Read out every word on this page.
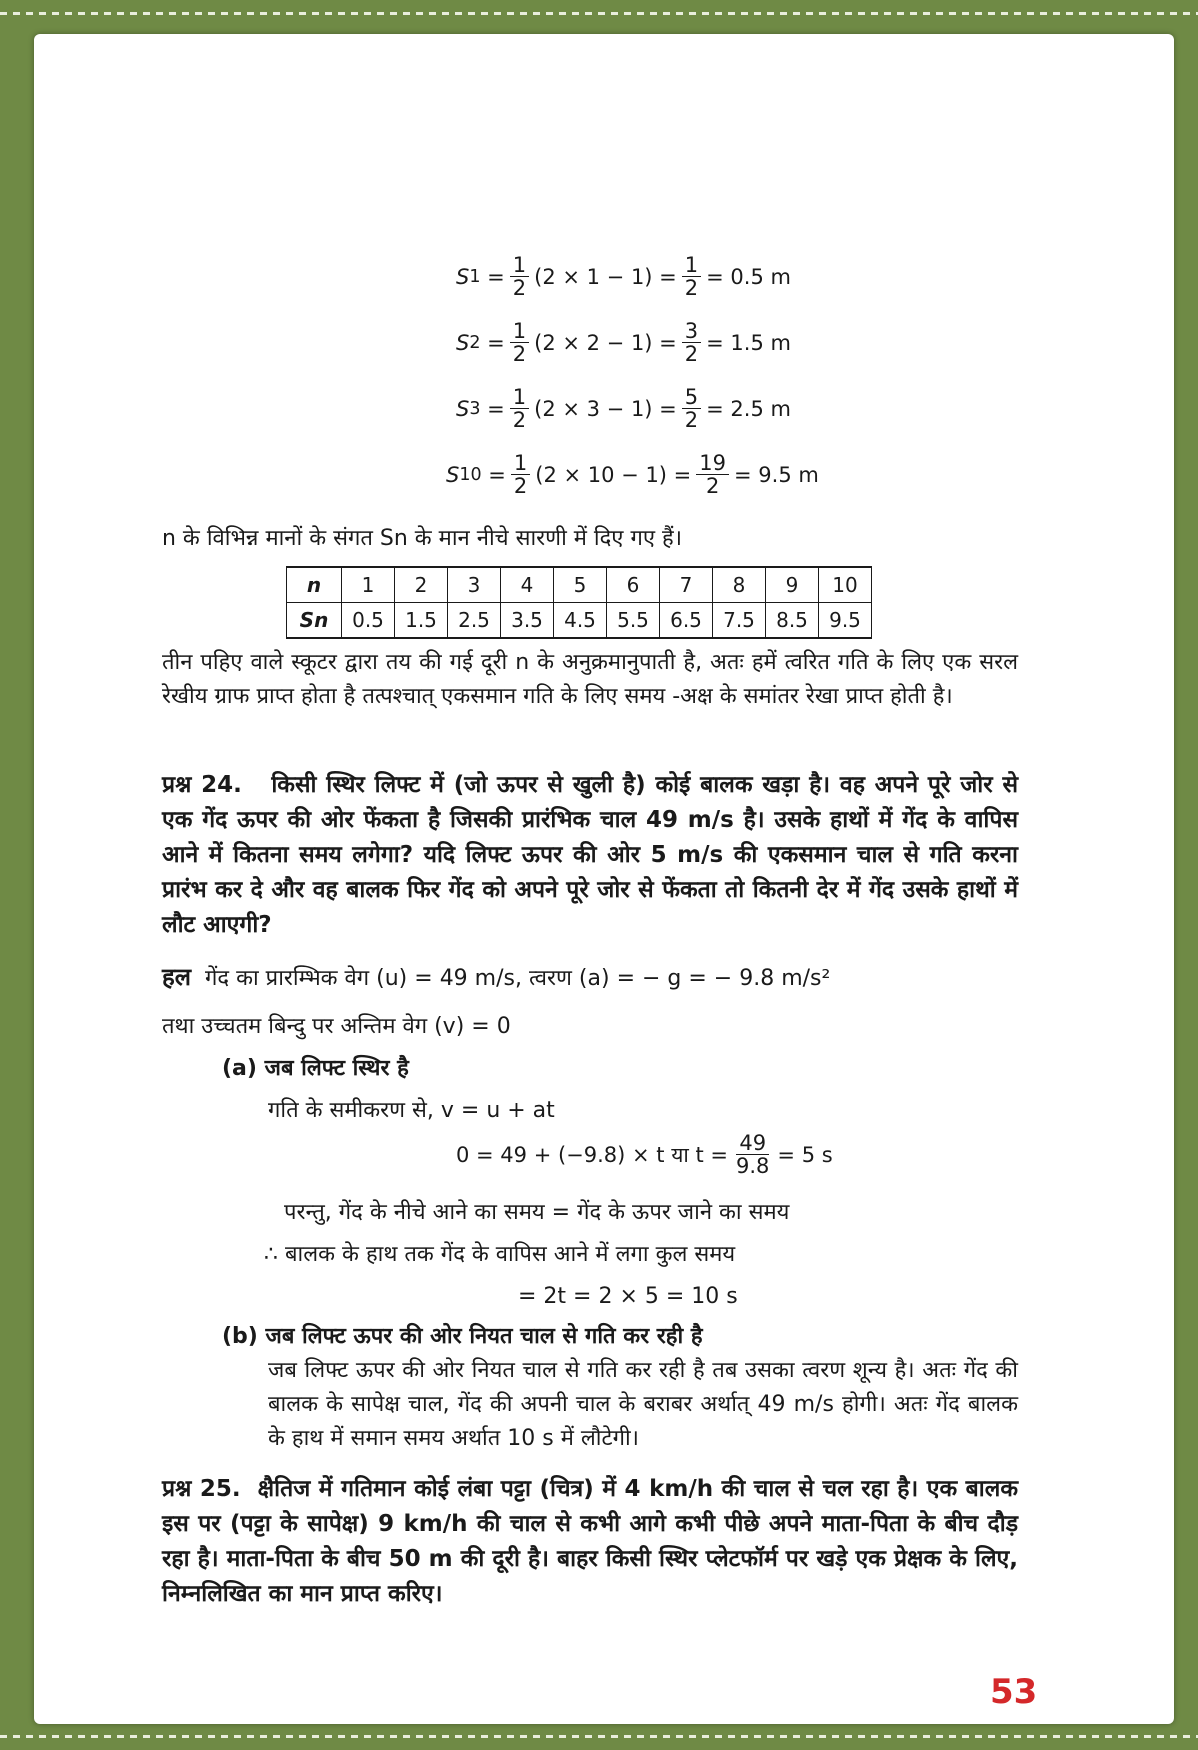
S $1 = \frac{1}{2} (2 \times 1 - 1) = \frac{1}{2} = 0.5$ m
S $2 = \frac{1}{2} (2 \times 2 - 1) = \frac{3}{2} = 1.5$ m
S $3 = \frac{1}{2} (2 \times 3 - 1) = \frac{5}{2} = 2.5$ m
S $10 = \frac{1}{2} (2 \times 10 - 1) = \frac{19}{2} = 9.5$ m
n के विभिन्न मानों के संगत Sn के मान नीचे सारणी में दिए गए हैं।
n	1	2	3	4	5	6	7	8	9	10
Sn	0.5	1.5	2.5	3.5	4.5	5.5	6.5	7.5	8.5	9.5
तीन पहिए वाले स्कूटर द्वारा तय की गई दूरी n के अनुक्रमानुपाती है, अतः हमें त्वरित गति के लिए एक सरल रेखीय ग्राफ प्राप्त होता है तत्पश्चात् एकसमान गति के लिए समय -अक्ष के समांतर रेखा प्राप्त होती है।
प्रश्न 24. किसी स्थिर लिफ्ट में (जो ऊपर से खुली है) कोई बालक खड़ा है। वह अपने पूरे जोर से एक गेंद ऊपर की ओर फेंकता है जिसकी प्रारंभिक चाल 49 m/s है। उसके हाथों में गेंद के वापिस आने में कितना समय लगेगा? यदि लिफ्ट ऊपर की ओर 5 m/s की एकसमान चाल से गति करना प्रारंभ कर दे और वह बालक फिर गेंद को अपने पूरे जोर से फेंकता तो कितनी देर में गेंद उसके हाथों में लौट आएगी?
हल गेंद का प्रारम्भिक वेग (u) = 49 m/s, त्वरण (a) = − g = − 9.8 m/s²
तथा उच्चतम बिन्दु पर अन्तिम वेग (v) = 0
(a) जब लिफ्ट स्थिर है
गति के समीकरण से, v = u + at
0 = 49 + (−9.8) × t या $t = \frac{49}{9.8} = 5$ s
परन्तु, गेंद के नीचे आने का समय = गेंद के ऊपर जाने का समय
∴ बालक के हाथ तक गेंद के वापिस आने में लगा कुल समय
= 2t = 2 × 5 = 10 s
(b) जब लिफ्ट ऊपर की ओर नियत चाल से गति कर रही है
जब लिफ्ट ऊपर की ओर नियत चाल से गति कर रही है तब उसका त्वरण शून्य है। अतः गेंद की बालक के सापेक्ष चाल, गेंद की अपनी चाल के बराबर अर्थात् 49 m/s होगी। अतः गेंद बालक के हाथ में समान समय अर्थात 10 s में लौटेगी।
प्रश्न 25. क्षैतिज में गतिमान कोई लंबा पट्टा (चित्र) में 4 km/h की चाल से चल रहा है। एक बालक इस पर (पट्टा के सापेक्ष) 9 km/h की चाल से कभी आगे कभी पीछे अपने माता-पिता के बीच दौड़ रहा है। माता-पिता के बीच 50 m की दूरी है। बाहर किसी स्थिर प्लेटफॉर्म पर खड़े एक प्रेक्षक के लिए, निम्नलिखित का मान प्राप्त करिए।
53
